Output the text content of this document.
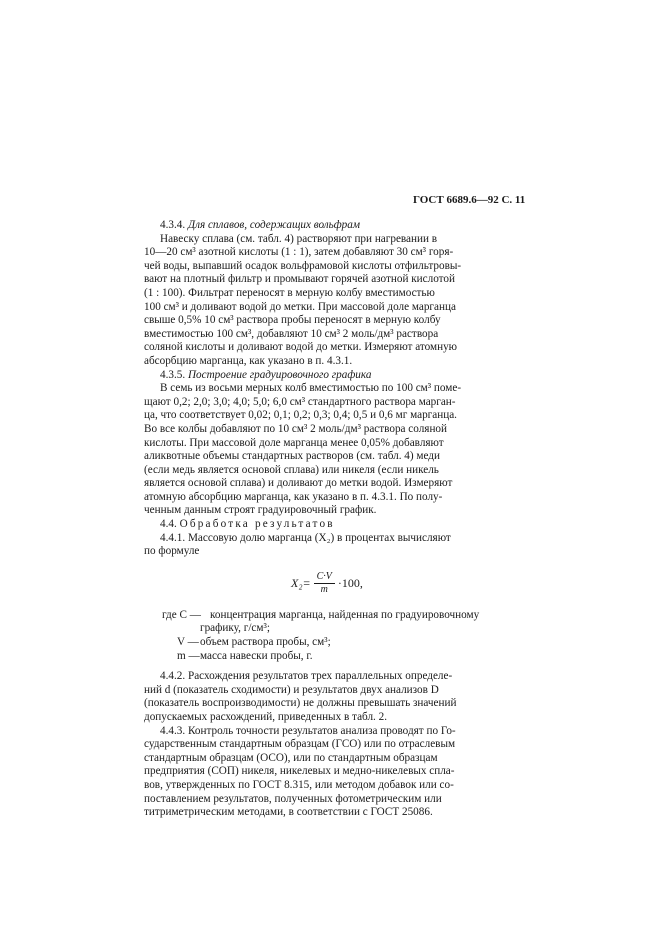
ГОСТ 6689.6—92 С. 11

4.3.4. Для сплавов, содержащих вольфрам

Навеску сплава (см. табл. 4) растворяют при нагревании в

10—20 см³ азотной кислоты (1 : 1), затем добавляют 30 см³ горя-

чей воды, выпавший осадок вольфрамовой кислоты отфильтровы-

вают на плотный фильтр и промывают горячей азотной кислотой

(1 : 100). Фильтрат переносят в мерную колбу вместимостью

100 см³ и доливают водой до метки. При массовой доле марганца

свыше 0,5% 10 см³ раствора пробы переносят в мерную колбу

вместимостью 100 см³, добавляют 10 см³ 2 моль/дм³ раствора

соляной кислоты и доливают водой до метки. Измеряют атомную

абсорбцию марганца, как указано в п. 4.3.1.

4.3.5. Построение градуировочного графика

В семь из восьми мерных колб вместимостью по 100 см³ поме-

щают 0,2; 2,0; 3,0; 4,0; 5,0; 6,0 см³ стандартного раствора марган-

ца, что соответствует 0,02; 0,1; 0,2; 0,3; 0,4; 0,5 и 0,6 мг марганца.

Во все колбы добавляют по 10 см³ 2 моль/дм³ раствора соляной

кислоты. При массовой доле марганца менее 0,05% добавляют

аликвотные объемы стандартных растворов (см. табл. 4) меди

(если медь является основой сплава) или никеля (если никель

является основой сплава) и доливают до метки водой. Измеряют

атомную абсорбцию марганца, как указано в п. 4.3.1. По полу-

ченным данным строят градуировочный график.

4.4. Обработка результатов

4.4.1. Массовую долю марганца (X₂) в процентах вычисляют

по формуле

$X_2= \frac{C\cdot V}{m} \cdot 100$,
где C — концентрация марганца, найденная по градуировочному
графику, г/см³;
V — объем раствора пробы, см³;
m — масса навески пробы, г.

4.4.2. Расхождения результатов трех параллельных определе-

ний d (показатель сходимости) и результатов двух анализов D

(показатель воспроизводимости) не должны превышать значений

допускаемых расхождений, приведенных в табл. 2.

4.4.3. Контроль точности результатов анализа проводят по Го-

сударственным стандартным образцам (ГСО) или по отраслевым

стандартным образцам (ОСО), или по стандартным образцам

предприятия (СОП) никеля, никелевых и медно-никелевых спла-

вов, утвержденных по ГОСТ 8.315, или методом добавок или со-

поставлением результатов, полученных фотометрическим или

титриметрическим методами, в соответствии с ГОСТ 25086.
